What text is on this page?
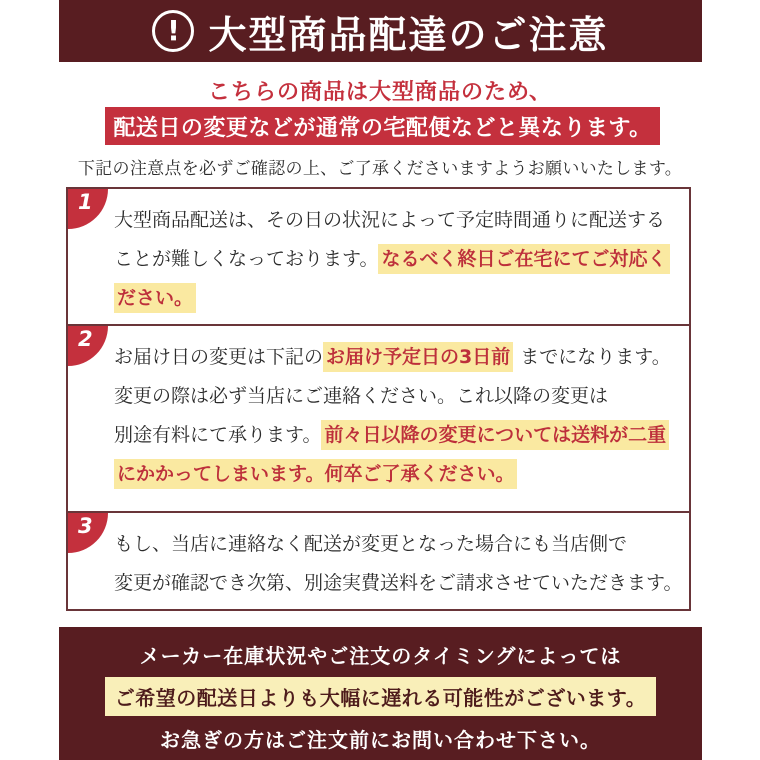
! 大型商品配達のご注意
こちらの商品は大型商品のため、
配送日の変更などが通常の宅配便などと異なります。
下記の注意点を必ずご確認の上、ご了承くださいますようお願いいたします。
1
大型商品配送は、その日の状況によって予定時間通りに配送する
ことが難しくなっております。 なるべく終日ご在宅にてご対応く
ださい。
2
お届け日の変更は下記の お届け予定日の3日前 までになります。
変更の際は必ず当店にご連絡ください。これ以降の変更は
別途有料にて承ります。 前々日以降の変更については送料が二重
にかかってしまいます。何卒ご了承ください。
3
もし、当店に連絡なく配送が変更となった場合にも当店側で
変更が確認でき次第、別途実費送料をご請求させていただきます。
メーカー在庫状況やご注文のタイミングによっては
ご希望の配送日よりも大幅に遅れる可能性がございます。
お急ぎの方はご注文前にお問い合わせ下さい。
